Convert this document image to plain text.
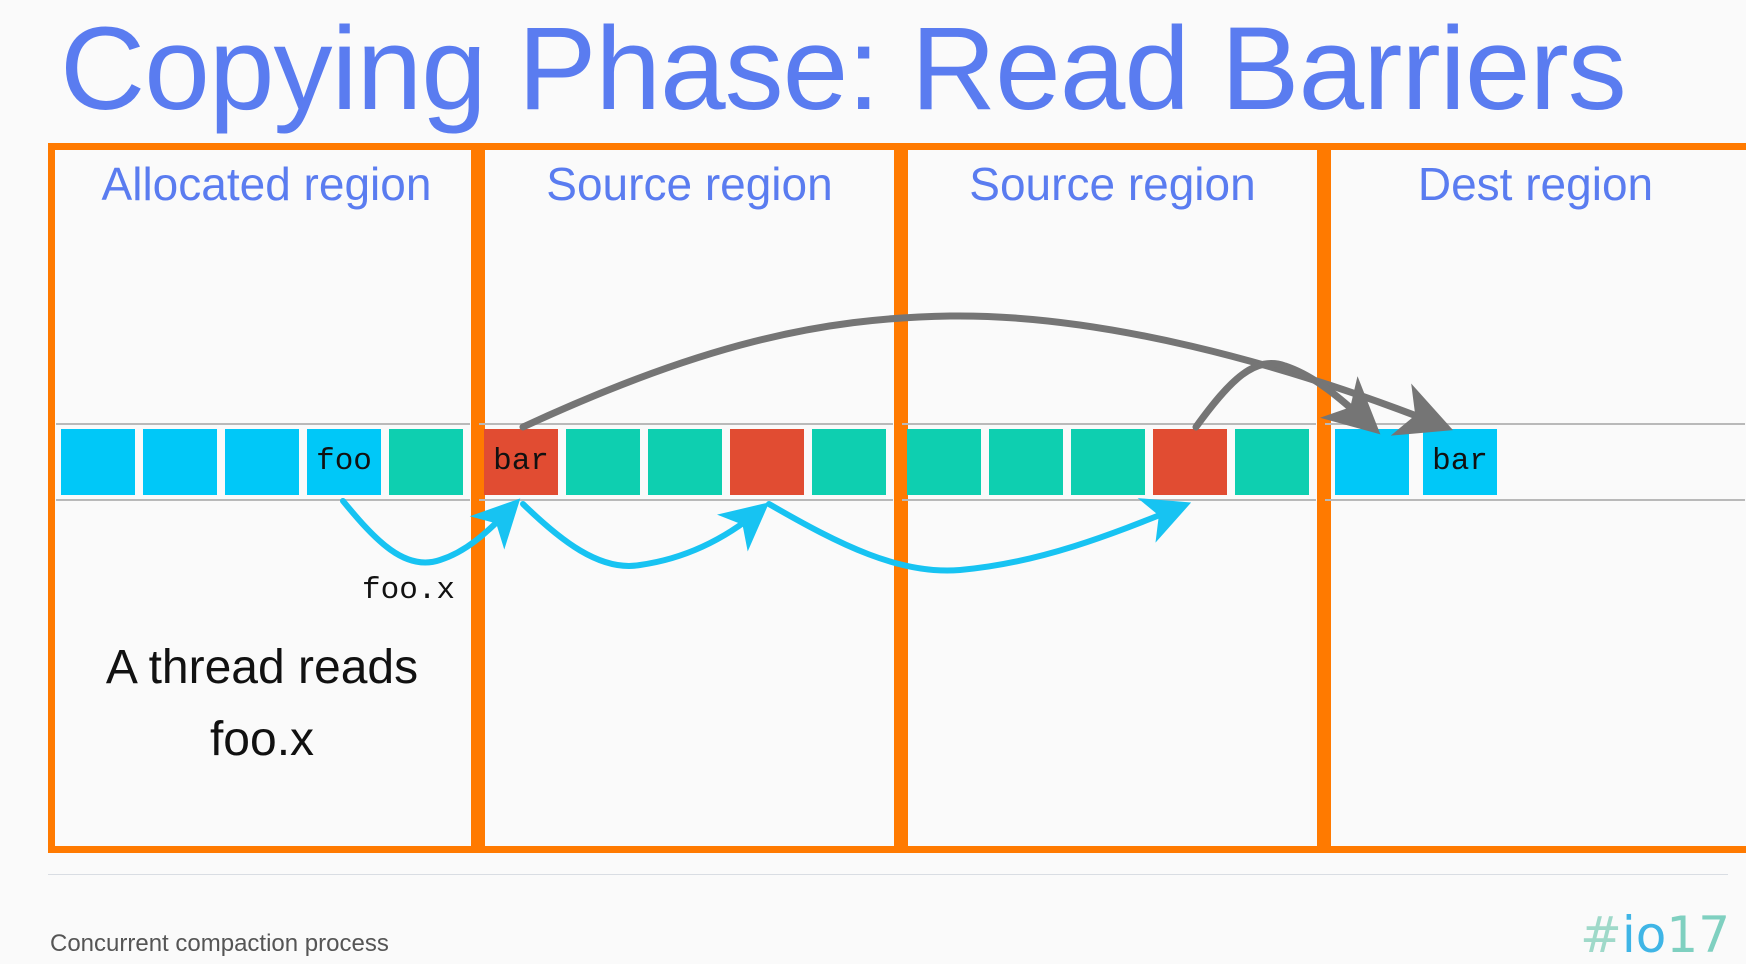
Copying Phase: Read Barriers
Allocated region	Source region	Source region	Dest region
foo	bar	bar
foo.x
A thread reads
foo.x
Concurrent compaction process	#io17
